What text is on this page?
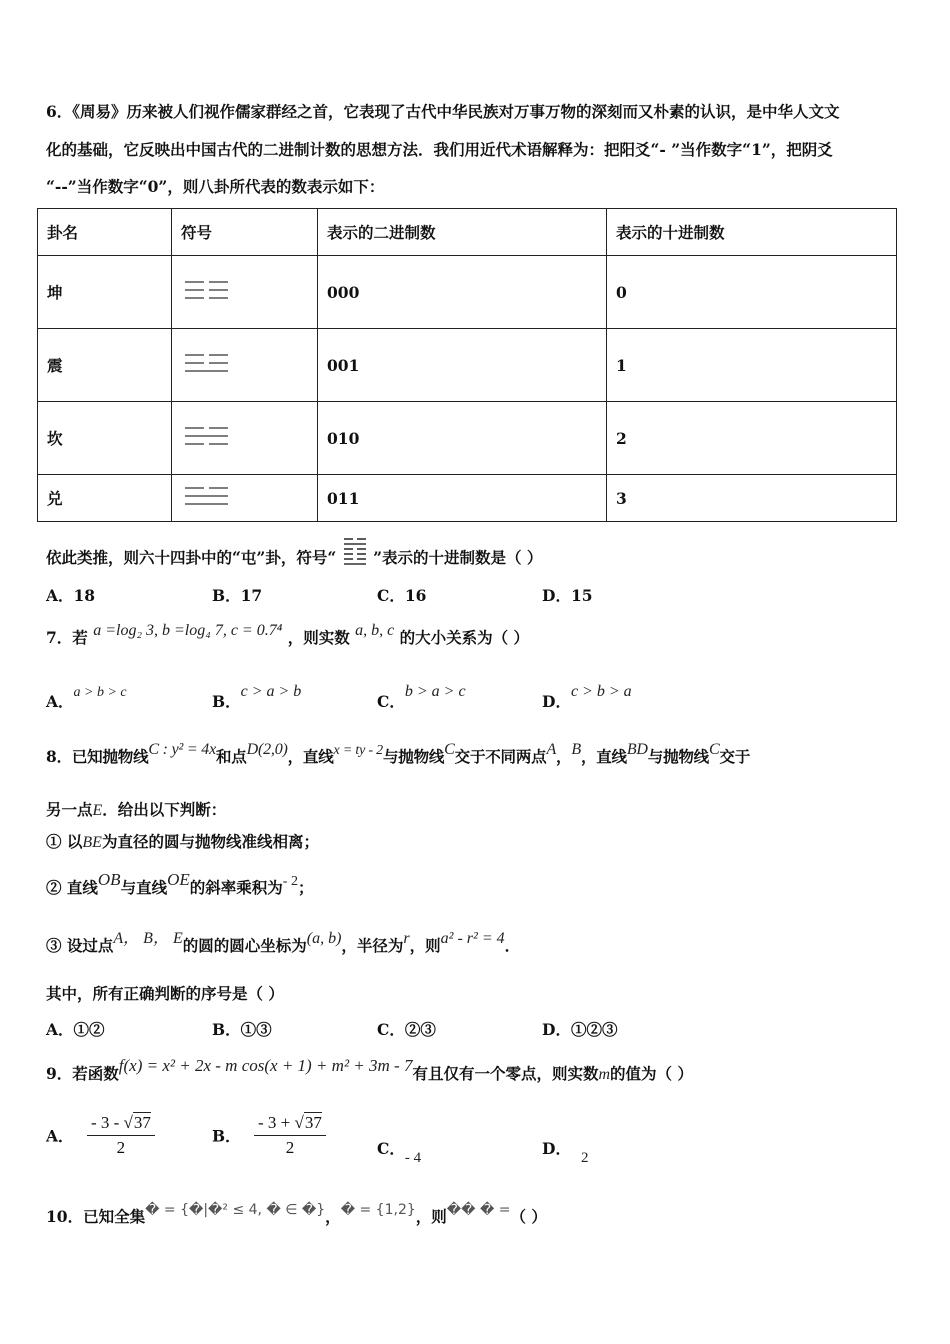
6．《周易》历来被人们视作儒家群经之首，它表现了古代中华民族对万事万物的深刻而又朴素的认识，是中华人文文
化的基础，它反映出中国古代的二进制计数的思想方法．我们用近代术语解释为：把阳爻“- ”当作数字“1”，把阴爻
“--”当作数字“0”，则八卦所代表的数表示如下：
卦名	符号	表示的二进制数	表示的十进制数
坤		000	0
震		001	1
坎		010	2
兑		011	3
依此类推，则六十四卦中的“屯”卦，符号“ ”表示的十进制数是（ ）
A．18	B．17	C．16	D．15
7．若 a =log₂ 3, b =log₄ 7, c = 0.7⁴ ，则实数 a, b, c 的大小关系为（ ）
A．a > b > c	B．c > a > b
C．b > a > c
D．c > b > a
8．已知抛物线C : y² = 4x和点D(2,0)，直线x = ty - 2与抛物线C交于不同两点A，B，直线BD与抛物线C交于
另一点E．给出以下判断：
① 以BE为直径的圆与抛物线准线相离；
② 直线OB与直线OE的斜率乘积为- 2；
③ 设过点A， B， E的圆的圆心坐标为(a, b)，半径为r，则a² - r² = 4．
其中，所有正确判断的序号是（ ）
A．①②	B．①③	C．②③	D．①②③
9．若函数f(x) = x² + 2x - m cos(x + 1) + m² + 3m - 7有且仅有一个零点，则实数m的值为（ ）
A． $\frac{- 3 - √37}{2}$	B． $\frac{- 3 + √37}{2}$	C．- 4	D． 2
10．已知全集� = {�|�² ≤ 4, � ∈ �}，� = {1,2}，则�� � =（ ）
